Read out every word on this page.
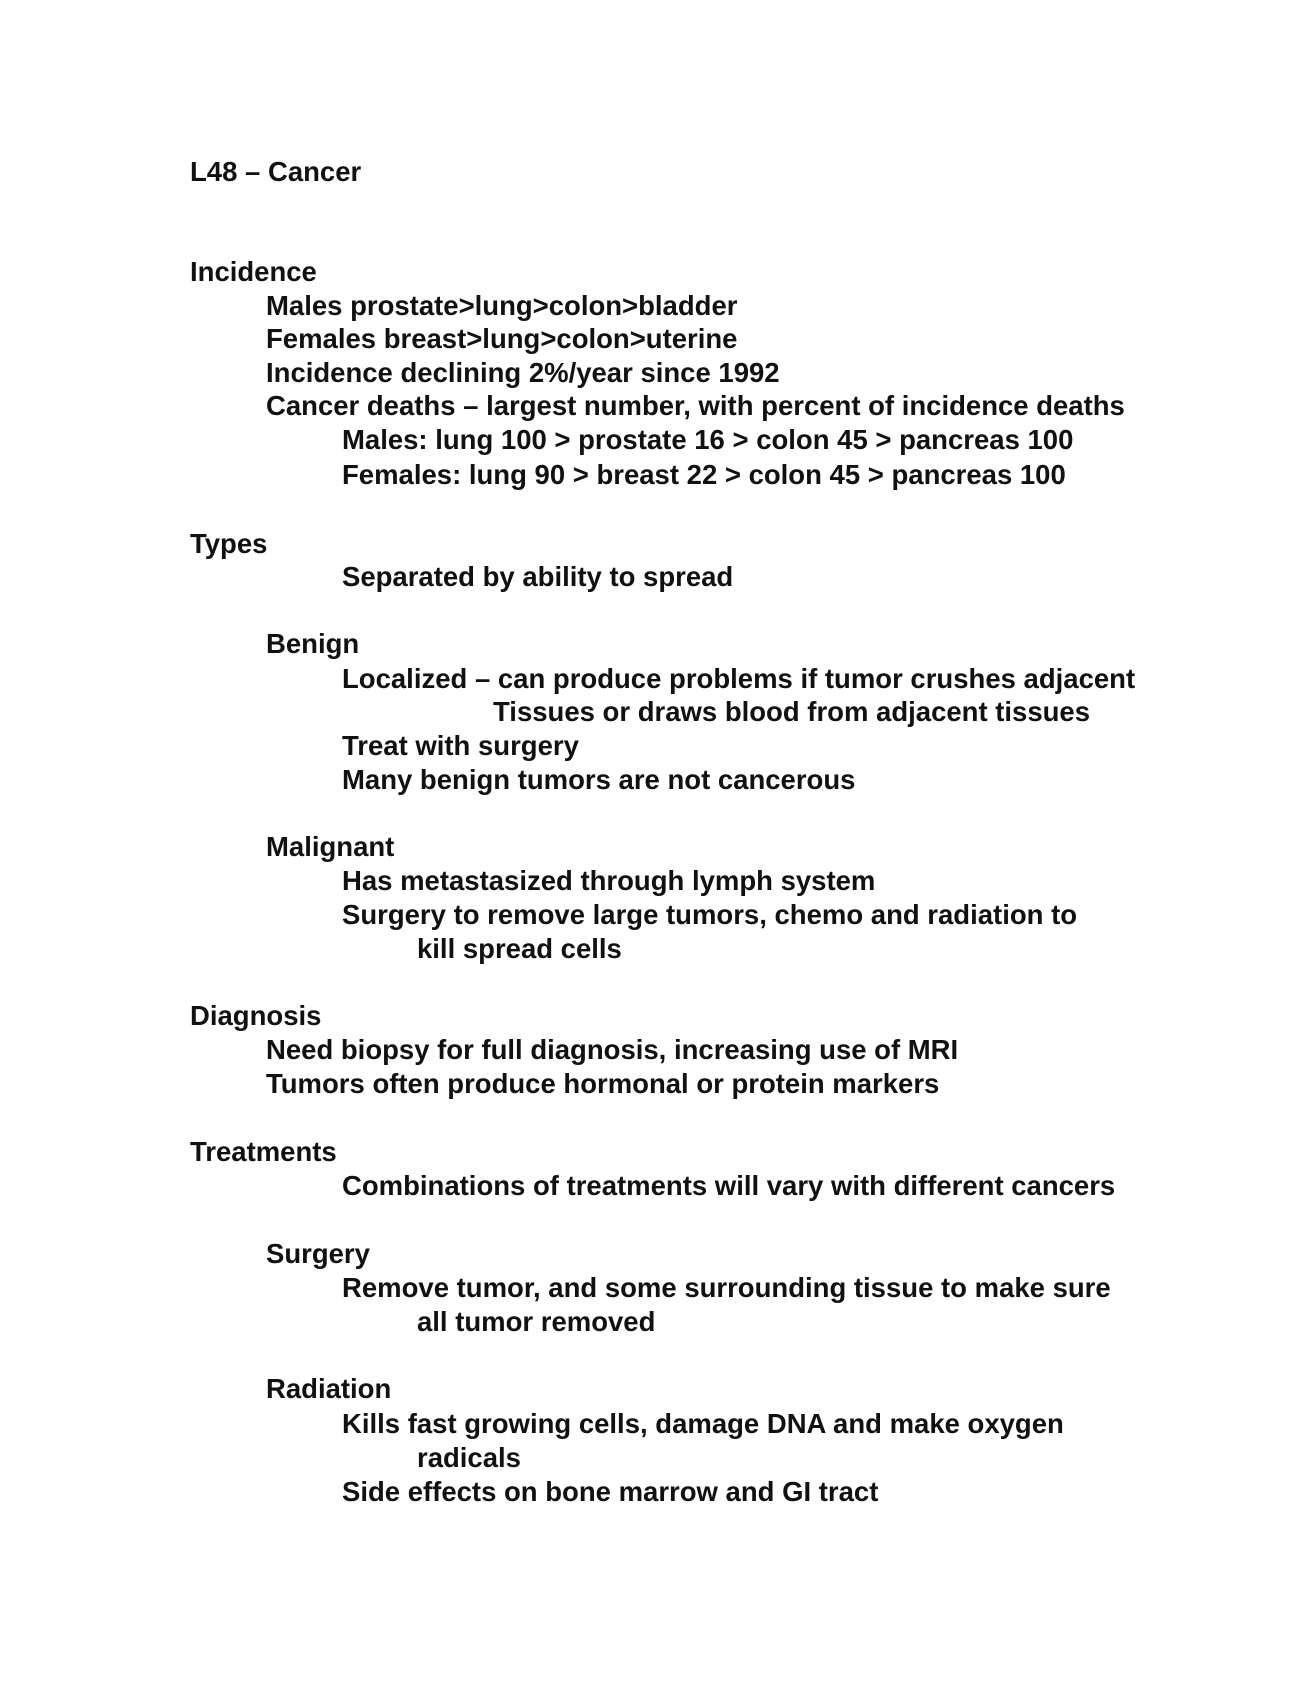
L48 – Cancer
Incidence
Males prostate>lung>colon>bladder
Females breast>lung>colon>uterine
Incidence declining 2%/year since 1992
Cancer deaths – largest number, with percent of incidence deaths
Males: lung 100 > prostate 16 > colon 45 > pancreas 100
Females: lung 90 > breast 22 > colon 45 > pancreas 100
Types
Separated by ability to spread
Benign
Localized – can produce problems if tumor crushes adjacent
Tissues or draws blood from adjacent tissues
Treat with surgery
Many benign tumors are not cancerous
Malignant
Has metastasized through lymph system
Surgery to remove large tumors, chemo and radiation to
kill spread cells
Diagnosis
Need biopsy for full diagnosis, increasing use of MRI
Tumors often produce hormonal or protein markers
Treatments
Combinations of treatments will vary with different cancers
Surgery
Remove tumor, and some surrounding tissue to make sure
all tumor removed
Radiation
Kills fast growing cells, damage DNA and make oxygen
radicals
Side effects on bone marrow and GI tract
